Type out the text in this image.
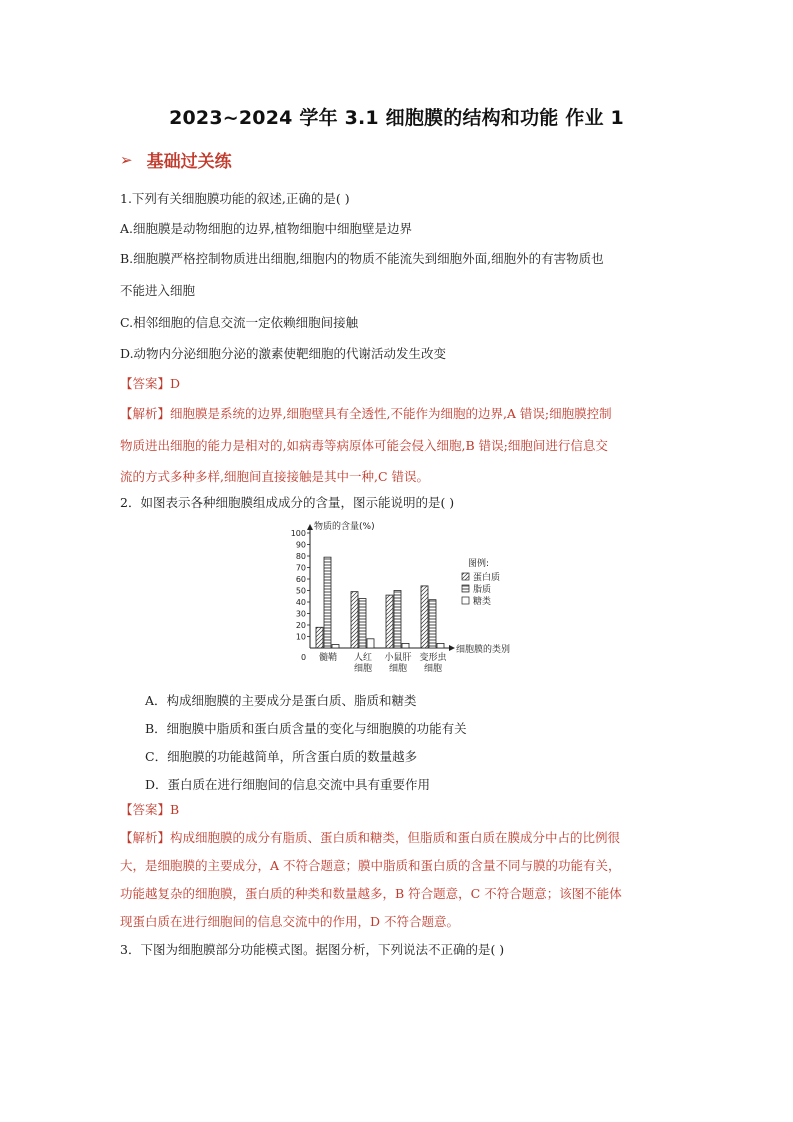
2023~2024 学年 3.1 细胞膜的结构和功能 作业 1
➢ 基础过关练
1.下列有关细胞膜功能的叙述,正确的是( )
A.细胞膜是动物细胞的边界,植物细胞中细胞壁是边界
B.细胞膜严格控制物质进出细胞,细胞内的物质不能流失到细胞外面,细胞外的有害物质也
不能进入细胞
C.相邻细胞的信息交流一定依赖细胞间接触
D.动物内分泌细胞分泌的激素使靶细胞的代谢活动发生改变
【答案】D
【解析】细胞膜是系统的边界,细胞壁具有全透性,不能作为细胞的边界,A 错误;细胞膜控制
物质进出细胞的能力是相对的,如病毒等病原体可能会侵入细胞,B 错误;细胞间进行信息交
流的方式多种多样,细胞间直接接触是其中一种,C 错误。
2．如图表示各种细胞膜组成成分的含量，图示能说明的是( )
10
20
30
40
50
60
70
80
90
100
髓鞘 人红
细胞
小鼠肝
细胞
变形虫
细胞
图例:
蛋白质
脂质
糖类
物质的含量(%)
细胞膜的类别
0
A．构成细胞膜的主要成分是蛋白质、脂质和糖类
B．细胞膜中脂质和蛋白质含量的变化与细胞膜的功能有关
C．细胞膜的功能越简单，所含蛋白质的数量越多
D．蛋白质在进行细胞间的信息交流中具有重要作用
【答案】B
【解析】构成细胞膜的成分有脂质、蛋白质和糖类，但脂质和蛋白质在膜成分中占的比例很
大，是细胞膜的主要成分，A 不符合题意；膜中脂质和蛋白质的含量不同与膜的功能有关，
功能越复杂的细胞膜，蛋白质的种类和数量越多，B 符合题意，C 不符合题意；该图不能体
现蛋白质在进行细胞间的信息交流中的作用，D 不符合题意。
3．下图为细胞膜部分功能模式图。据图分析，下列说法不正确的是( )
